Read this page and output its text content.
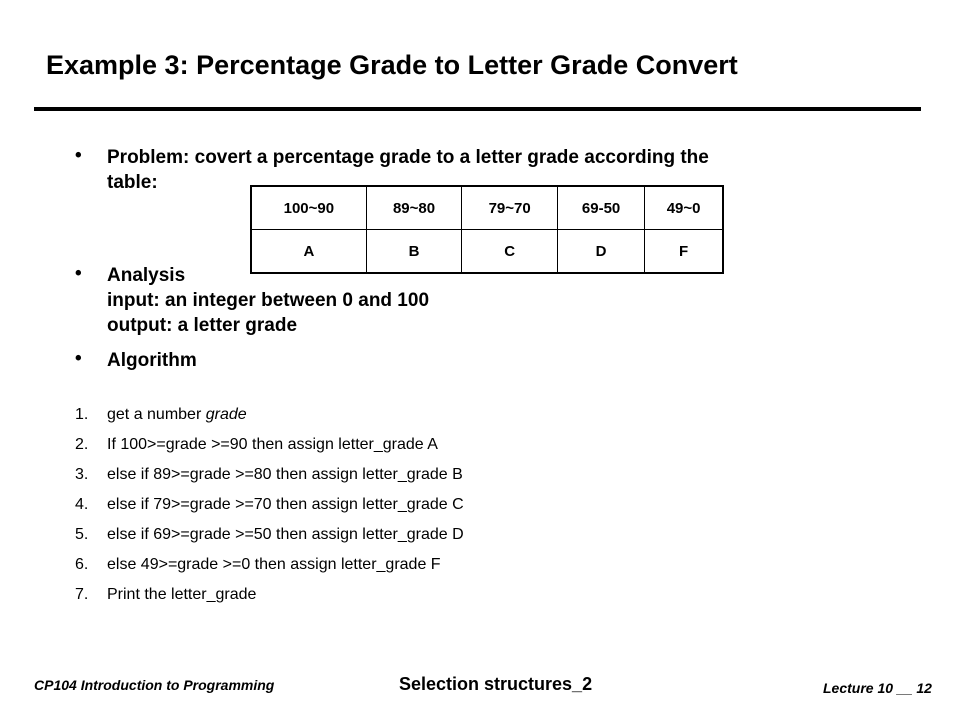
Example 3: Percentage Grade to Letter Grade Convert
• Problem: covert a percentage grade to a letter grade according the
table:
100~90	89~80	79~70	69-50	49~0
A	B	C	D	F
• Analysis
input: an integer between 0 and 100
output: a letter grade
• Algorithm
1. get a number grade
2. If 100>=grade >=90 then assign letter_grade A
3. else if 89>=grade >=80 then assign letter_grade B
4. else if 79>=grade >=70 then assign letter_grade C
5. else if 69>=grade >=50 then assign letter_grade D
6. else 49>=grade >=0 then assign letter_grade F
7. Print the letter_grade
CP104 Introduction to Programming	Selection structures_2	Lecture 10 __ 12
